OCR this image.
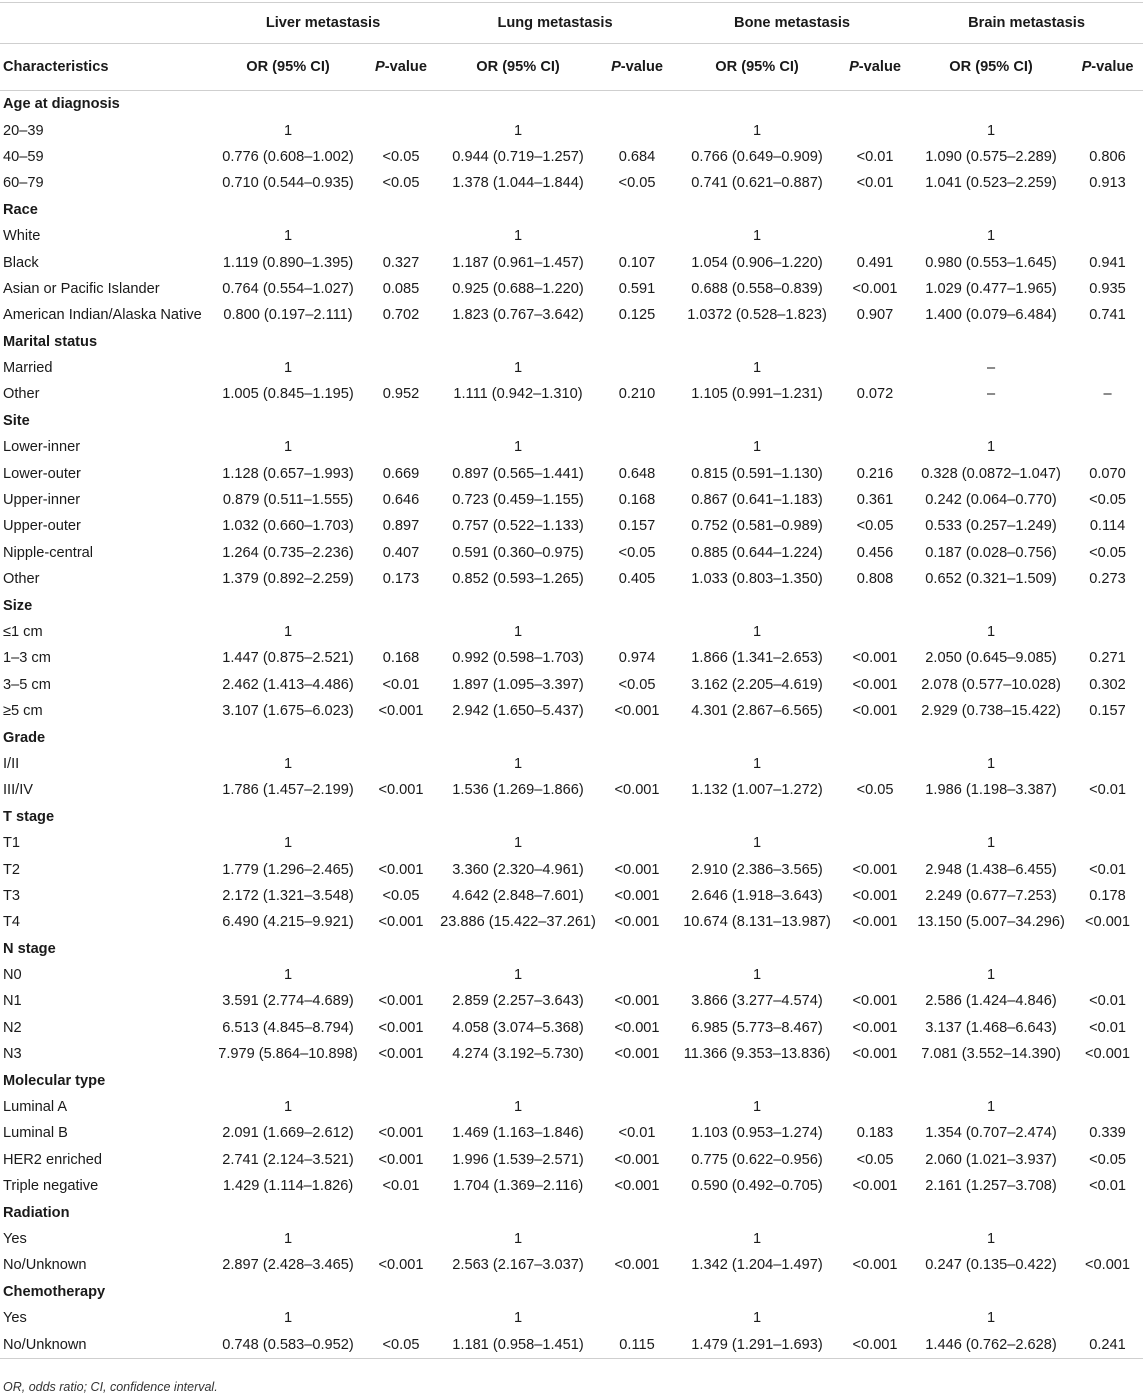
	Liver metastasis		Lung metastasis		Bone metastasis		Brain metastasis	
Characteristics	OR (95% CI)	P-value	OR (95% CI)	P-value	OR (95% CI)	P-value	OR (95% CI)	P-value
Age at diagnosis								
20–39	1		1		1		1	
40–59	0.776 (0.608–1.002)	<0.05	0.944 (0.719–1.257)	0.684	0.766 (0.649–0.909)	<0.01	1.090 (0.575–2.289)	0.806
60–79	0.710 (0.544–0.935)	<0.05	1.378 (1.044–1.844)	<0.05	0.741 (0.621–0.887)	<0.01	1.041 (0.523–2.259)	0.913
Race								
White	1		1		1		1	
Black	1.119 (0.890–1.395)	0.327	1.187 (0.961–1.457)	0.107	1.054 (0.906–1.220)	0.491	0.980 (0.553–1.645)	0.941
Asian or Pacific Islander	0.764 (0.554–1.027)	0.085	0.925 (0.688–1.220)	0.591	0.688 (0.558–0.839)	<0.001	1.029 (0.477–1.965)	0.935
American Indian/Alaska Native	0.800 (0.197–2.111)	0.702	1.823 (0.767–3.642)	0.125	1.0372 (0.528–1.823)	0.907	1.400 (0.079–6.484)	0.741
Marital status								
Married	1		1		1		–	
Other	1.005 (0.845–1.195)	0.952	1.111 (0.942–1.310)	0.210	1.105 (0.991–1.231)	0.072	–	–
Site								
Lower-inner	1		1		1		1	
Lower-outer	1.128 (0.657–1.993)	0.669	0.897 (0.565–1.441)	0.648	0.815 (0.591–1.130)	0.216	0.328 (0.0872–1.047)	0.070
Upper-inner	0.879 (0.511–1.555)	0.646	0.723 (0.459–1.155)	0.168	0.867 (0.641–1.183)	0.361	0.242 (0.064–0.770)	<0.05
Upper-outer	1.032 (0.660–1.703)	0.897	0.757 (0.522–1.133)	0.157	0.752 (0.581–0.989)	<0.05	0.533 (0.257–1.249)	0.114
Nipple-central	1.264 (0.735–2.236)	0.407	0.591 (0.360–0.975)	<0.05	0.885 (0.644–1.224)	0.456	0.187 (0.028–0.756)	<0.05
Other	1.379 (0.892–2.259)	0.173	0.852 (0.593–1.265)	0.405	1.033 (0.803–1.350)	0.808	0.652 (0.321–1.509)	0.273
Size								
≤1 cm	1		1		1		1	
1–3 cm	1.447 (0.875–2.521)	0.168	0.992 (0.598–1.703)	0.974	1.866 (1.341–2.653)	<0.001	2.050 (0.645–9.085)	0.271
3–5 cm	2.462 (1.413–4.486)	<0.01	1.897 (1.095–3.397)	<0.05	3.162 (2.205–4.619)	<0.001	2.078 (0.577–10.028)	0.302
≥5 cm	3.107 (1.675–6.023)	<0.001	2.942 (1.650–5.437)	<0.001	4.301 (2.867–6.565)	<0.001	2.929 (0.738–15.422)	0.157
Grade								
I/II	1		1		1		1	
III/IV	1.786 (1.457–2.199)	<0.001	1.536 (1.269–1.866)	<0.001	1.132 (1.007–1.272)	<0.05	1.986 (1.198–3.387)	<0.01
T stage								
T1	1		1		1		1	
T2	1.779 (1.296–2.465)	<0.001	3.360 (2.320–4.961)	<0.001	2.910 (2.386–3.565)	<0.001	2.948 (1.438–6.455)	<0.01
T3	2.172 (1.321–3.548)	<0.05	4.642 (2.848–7.601)	<0.001	2.646 (1.918–3.643)	<0.001	2.249 (0.677–7.253)	0.178
T4	6.490 (4.215–9.921)	<0.001	23.886 (15.422–37.261)	<0.001	10.674 (8.131–13.987)	<0.001	13.150 (5.007–34.296)	<0.001
N stage								
N0	1		1		1		1	
N1	3.591 (2.774–4.689)	<0.001	2.859 (2.257–3.643)	<0.001	3.866 (3.277–4.574)	<0.001	2.586 (1.424–4.846)	<0.01
N2	6.513 (4.845–8.794)	<0.001	4.058 (3.074–5.368)	<0.001	6.985 (5.773–8.467)	<0.001	3.137 (1.468–6.643)	<0.01
N3	7.979 (5.864–10.898)	<0.001	4.274 (3.192–5.730)	<0.001	11.366 (9.353–13.836)	<0.001	7.081 (3.552–14.390)	<0.001
Molecular type								
Luminal A	1		1		1		1	
Luminal B	2.091 (1.669–2.612)	<0.001	1.469 (1.163–1.846)	<0.01	1.103 (0.953–1.274)	0.183	1.354 (0.707–2.474)	0.339
HER2 enriched	2.741 (2.124–3.521)	<0.001	1.996 (1.539–2.571)	<0.001	0.775 (0.622–0.956)	<0.05	2.060 (1.021–3.937)	<0.05
Triple negative	1.429 (1.114–1.826)	<0.01	1.704 (1.369–2.116)	<0.001	0.590 (0.492–0.705)	<0.001	2.161 (1.257–3.708)	<0.01
Radiation								
Yes	1		1		1		1	
No/Unknown	2.897 (2.428–3.465)	<0.001	2.563 (2.167–3.037)	<0.001	1.342 (1.204–1.497)	<0.001	0.247 (0.135–0.422)	<0.001
Chemotherapy								
Yes	1		1		1		1	
No/Unknown	0.748 (0.583–0.952)	<0.05	1.181 (0.958–1.451)	0.115	1.479 (1.291–1.693)	<0.001	1.446 (0.762–2.628)	0.241
OR, odds ratio; CI, confidence interval.
